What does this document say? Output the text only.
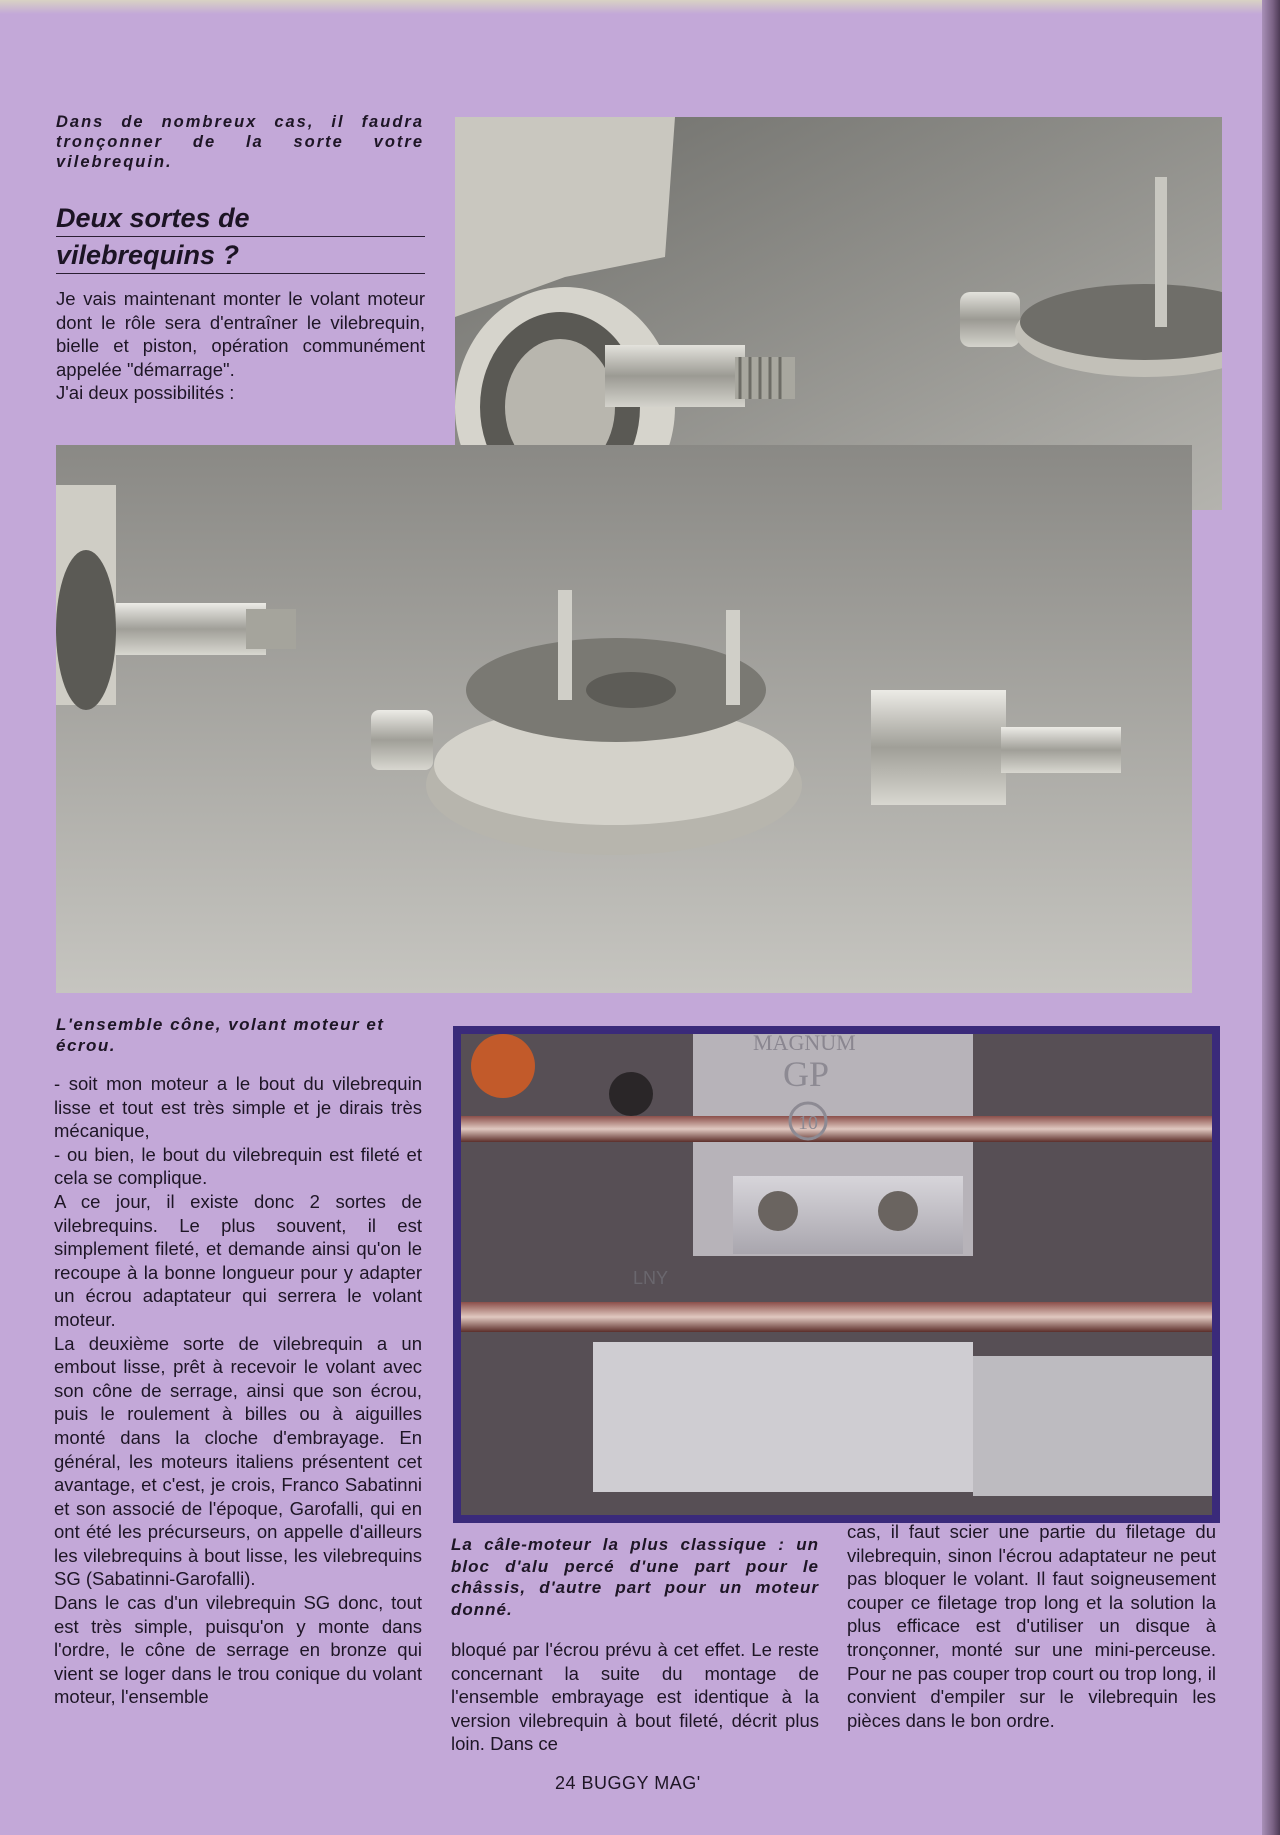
Dans de nombreux cas, il faudra tronçonner de la sorte votre vilebrequin.
Deux sortes de
vilebrequins ?

Je vais maintenant monter le volant moteur dont le rôle sera d'entraîner le vilebrequin, bielle et piston, opération communément appelée "démarrage".

J'ai deux possibilités :

L'ensemble cône, volant moteur et écrou.

- soit mon moteur a le bout du vilebrequin lisse et tout est très simple et je dirais très mécanique,

- ou bien, le bout du vilebrequin est fileté et cela se complique.

A ce jour, il existe donc 2 sortes de vilebrequins. Le plus souvent, il est simplement fileté, et demande ainsi qu'on le recoupe à la bonne longueur pour y adapter un écrou adaptateur qui serrera le volant moteur.

La deuxième sorte de vilebrequin a un embout lisse, prêt à recevoir le volant avec son cône de serrage, ainsi que son écrou, puis le roulement à billes ou à aiguilles monté dans la cloche d'embrayage. En général, les moteurs italiens présentent cet avantage, et c'est, je crois, Franco Sabatinni et son associé de l'époque, Garofalli, qui en ont été les précurseurs, on appelle d'ailleurs les vilebrequins à bout lisse, les vilebrequins SG (Sabatinni-Garofalli).

Dans le cas d'un vilebrequin SG donc, tout est très simple, puisqu'on y monte dans l'ordre, le cône de serrage en bronze qui vient se loger dans le trou conique du volant moteur, l'ensemble

MAGNUM
GP
10
LNY
La câle-moteur la plus classique : un bloc d'alu percé d'une part pour le châssis, d'autre part pour un moteur donné.
bloqué par l'écrou prévu à cet effet. Le reste concernant la suite du montage de l'ensemble embrayage est identique à la version vilebrequin à bout fileté, décrit plus loin. Dans ce
cas, il faut scier une partie du filetage du vilebrequin, sinon l'écrou adaptateur ne peut pas bloquer le volant. Il faut soigneusement couper ce filetage trop long et la solution la plus efficace est d'utiliser un disque à tronçonner, monté sur une mini-perceuse. Pour ne pas couper trop court ou trop long, il convient d'empiler sur le vilebrequin les pièces dans le bon ordre.
24 BUGGY MAG'
